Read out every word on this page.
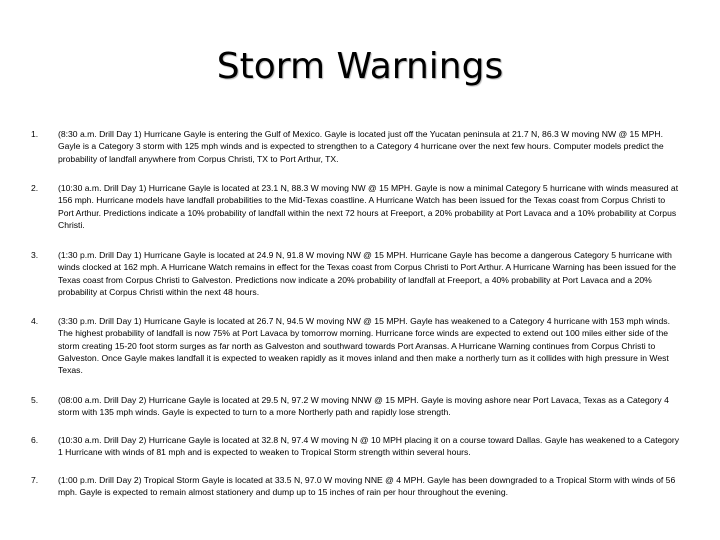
Storm Warnings
1. (8:30 a.m. Drill Day 1) Hurricane Gayle is entering the Gulf of Mexico. Gayle is located just off the Yucatan peninsula at 21.7 N, 86.3 W moving NW @ 15 MPH. Gayle is a Category 3 storm with 125 mph winds and is expected to strengthen to a Category 4 hurricane over the next few hours. Computer models predict the probability of landfall anywhere from Corpus Christi, TX to Port Arthur, TX.
2. (10:30 a.m. Drill Day 1) Hurricane Gayle is located at 23.1 N, 88.3 W moving NW @ 15 MPH. Gayle is now a minimal Category 5 hurricane with winds measured at 156 mph. Hurricane models have landfall probabilities to the Mid-Texas coastline. A Hurricane Watch has been issued for the Texas coast from Corpus Christi to Port Arthur. Predictions indicate a 10% probability of landfall within the next 72 hours at Freeport, a 20% probability at Port Lavaca and a 10% probability at Corpus Christi.
3. (1:30 p.m. Drill Day 1) Hurricane Gayle is located at 24.9 N, 91.8 W moving NW @ 15 MPH. Hurricane Gayle has become a dangerous Category 5 hurricane with winds clocked at 162 mph. A Hurricane Watch remains in effect for the Texas coast from Corpus Christi to Port Arthur. A Hurricane Warning has been issued for the Texas coast from Corpus Christi to Galveston. Predictions now indicate a 20% probability of landfall at Freeport, a 40% probability at Port Lavaca and a 20% probability at Corpus Christi within the next 48 hours.
4. (3:30 p.m. Drill Day 1) Hurricane Gayle is located at 26.7 N, 94.5 W moving NW @ 15 MPH. Gayle has weakened to a Category 4 hurricane with 153 mph winds. The highest probability of landfall is now 75% at Port Lavaca by tomorrow morning. Hurricane force winds are expected to extend out 100 miles either side of the storm creating 15-20 foot storm surges as far north as Galveston and southward towards Port Aransas. A Hurricane Warning continues from Corpus Christi to Galveston. Once Gayle makes landfall it is expected to weaken rapidly as it moves inland and then make a northerly turn as it collides with high pressure in West Texas.
5. (08:00 a.m. Drill Day 2) Hurricane Gayle is located at 29.5 N, 97.2 W moving NNW @ 15 MPH. Gayle is moving ashore near Port Lavaca, Texas as a Category 4 storm with 135 mph winds. Gayle is expected to turn to a more Northerly path and rapidly lose strength.
6. (10:30 a.m. Drill Day 2) Hurricane Gayle is located at 32.8 N, 97.4 W moving N @ 10 MPH placing it on a course toward Dallas. Gayle has weakened to a Category 1 Hurricane with winds of 81 mph and is expected to weaken to Tropical Storm strength within several hours.
7. (1:00 p.m. Drill Day 2) Tropical Storm Gayle is located at 33.5 N, 97.0 W moving NNE @ 4 MPH. Gayle has been downgraded to a Tropical Storm with winds of 56 mph. Gayle is expected to remain almost stationery and dump up to 15 inches of rain per hour throughout the evening.
